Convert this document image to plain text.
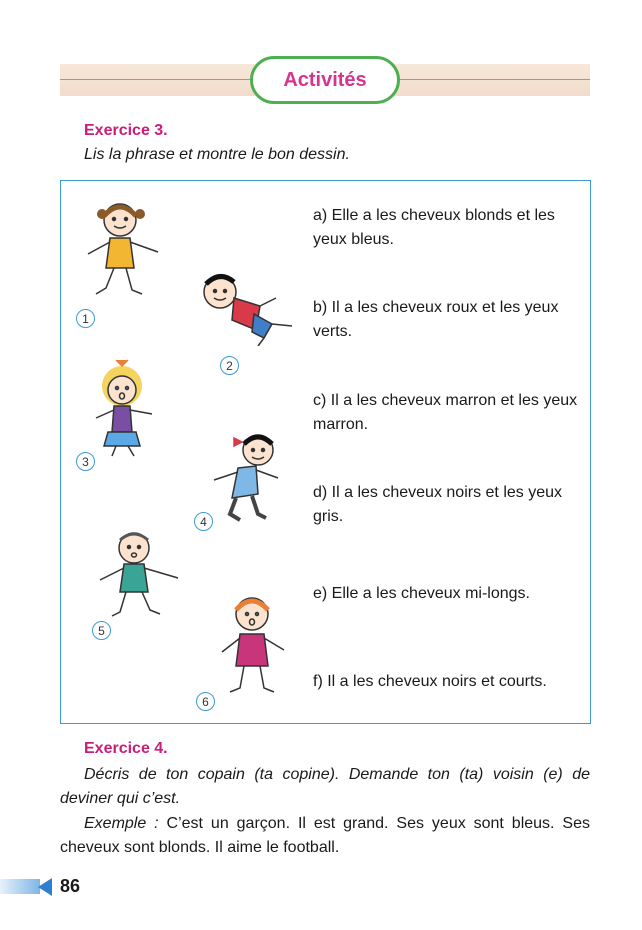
Activités
Exercice 3.
Lis la phrase et montre le bon dessin.
1
2
3
4
5
6
a) Elle a les cheveux blonds et les yeux bleus.
b) Il a les cheveux roux et les yeux verts.
c) Il a les cheveux marron et les yeux marron.
d) Il a les cheveux noirs et les yeux gris.
e) Elle a les cheveux mi-longs.
f) Il a les cheveux noirs et courts.
Exercice 4.
Décris de ton copain (ta copine). Demande ton (ta) voisin (e) de deviner qui c’est.
Exemple : C’est un garçon. Il est grand. Ses yeux sont bleus. Ses cheveux sont blonds. Il aime le football.
86
